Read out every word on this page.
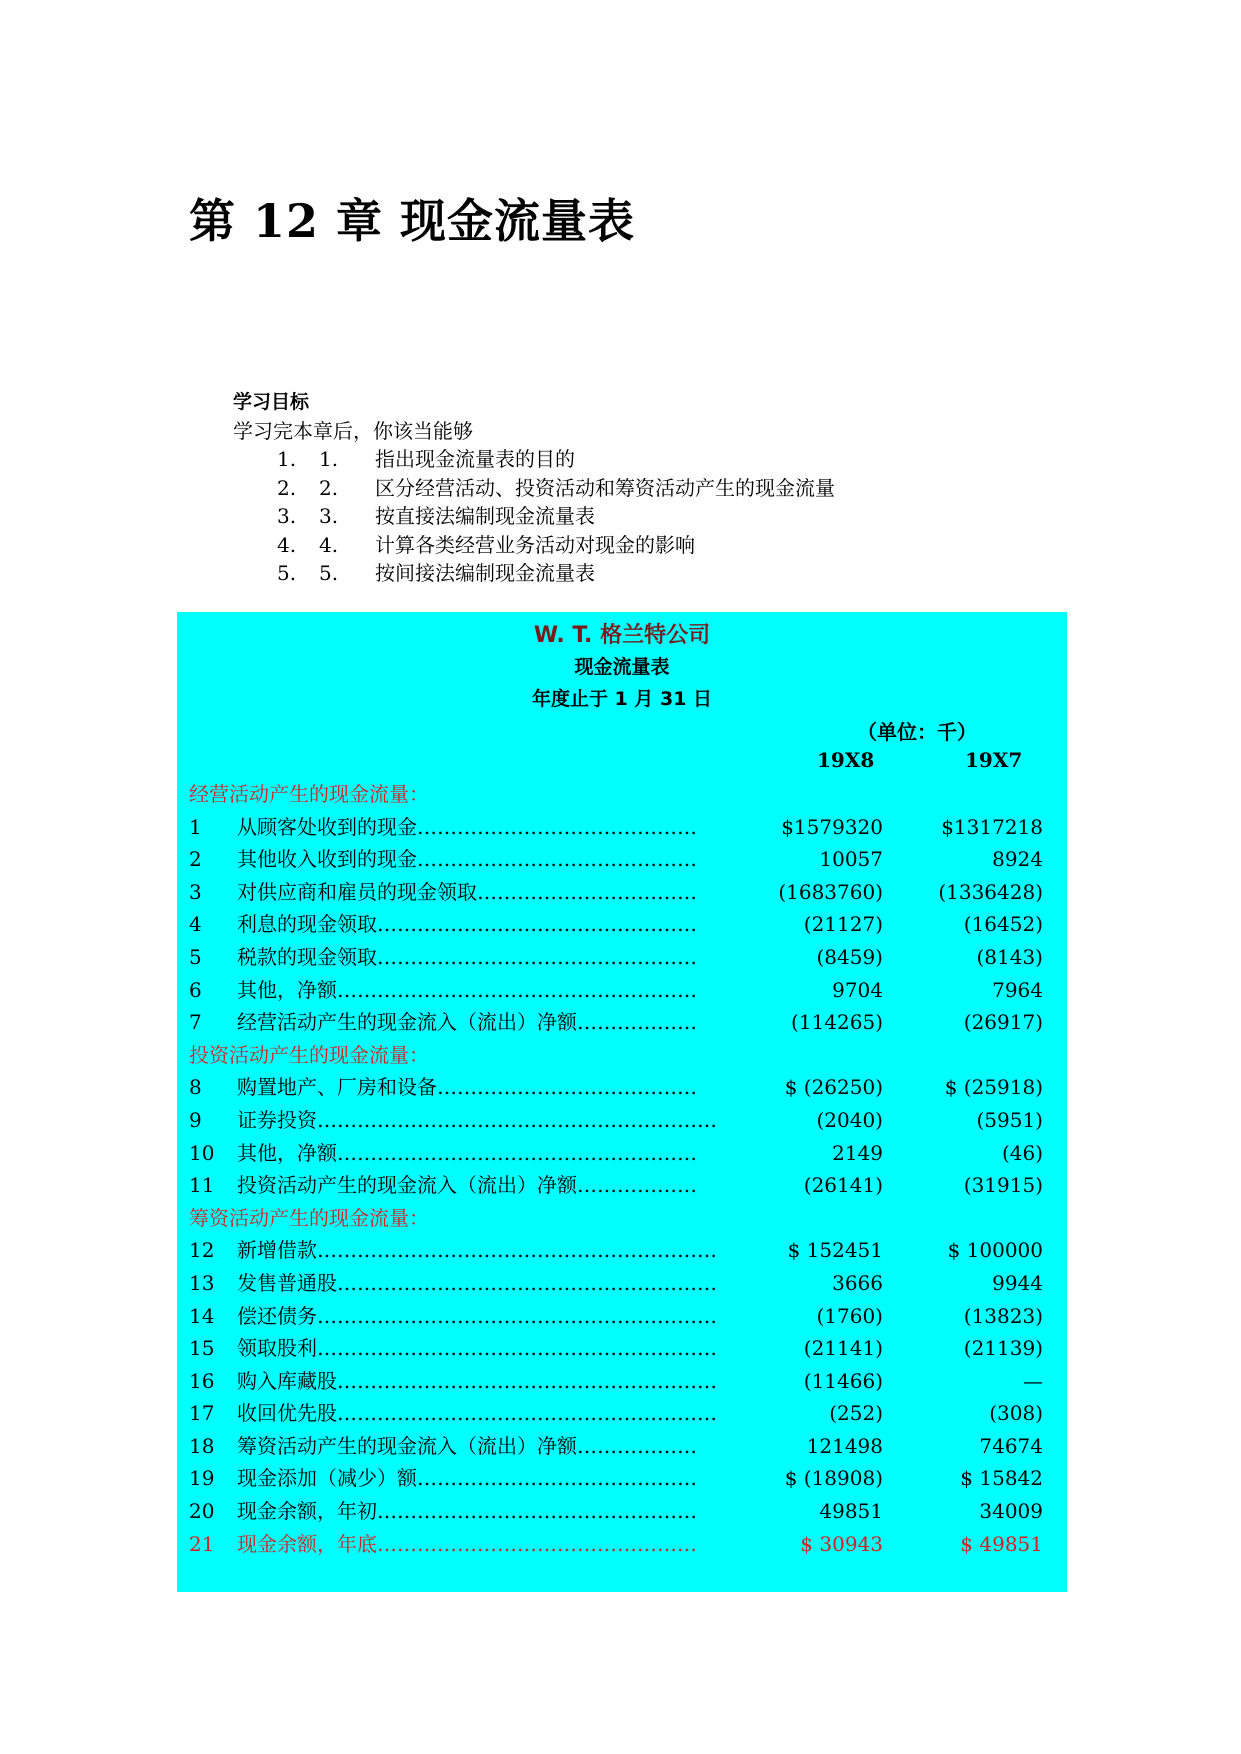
第 12 章 现金流量表
学习目标
学习完本章后，你该当能够
1. 1. 指出现金流量表的目的
2. 2. 区分经营活动、投资活动和筹资活动产生的现金流量
3. 3. 按直接法编制现金流量表
4. 4. 计算各类经营业务活动对现金的影响
5. 5. 按间接法编制现金流量表
W. T. 格兰特公司
现金流量表
年度止于 1 月 31 日
（单位：千）
19X8	19X7
经营活动产生的现金流量：
1 从顾客处收到的现金……………………………………	$1579320	$1317218
2 其他收入收到的现金……………………………………	10057	8924
3 对供应商和雇员的现金领取……………………………	(1683760)	(1336428)
4 利息的现金领取…………………………………………	(21127)	(16452)
5 税款的现金领取…………………………………………	(8459)	(8143)
6 其他，净额………………………………………………	9704	7964
7 经营活动产生的现金流入（流出）净额………………	(114265)	(26917)
投资活动产生的现金流量：
8 购置地产、厂房和设备…………………………………	$ (26250)	$ (25918)
9 证券投资……………………………………………………	(2040)	(5951)
10 其他，净额………………………………………………	2149	(46)
11 投资活动产生的现金流入（流出）净额………………	(26141)	(31915)
筹资活动产生的现金流量：
12 新增借款……………………………………………………	$ 152451	$ 100000
13 发售普通股…………………………………………………	3666	9944
14 偿还债务……………………………………………………	(1760)	(13823)
15 领取股利……………………………………………………	(21141)	(21139)
16 购入库藏股…………………………………………………	(11466)	—
17 收回优先股…………………………………………………	(252)	(308)
18 筹资活动产生的现金流入（流出）净额………………	121498	74674
19 现金添加（减少）额……………………………………	$ (18908)	$ 15842
20 现金余额，年初…………………………………………	49851	34009
21 现金余额，年底…………………………………………	$ 30943	$ 49851
